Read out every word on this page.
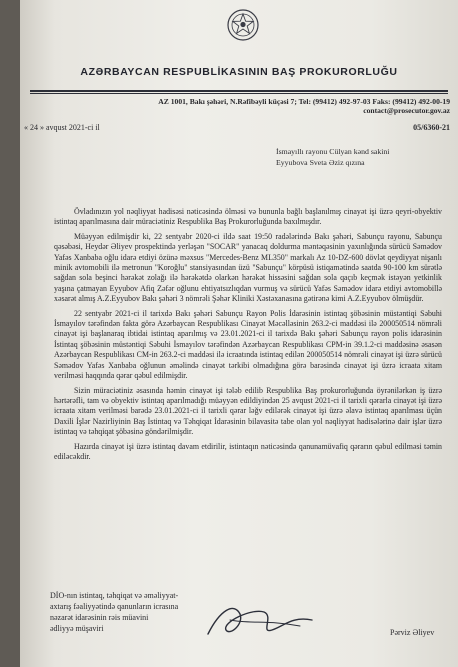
AZƏRBAYCAN RESPUBLİKASININ BAŞ PROKURORLUĞU
AZ 1001, Bakı şəhəri, N.Rəfibəyli küçəsi 7; Tel: (99412) 492-97-03 Faks: (99412) 492-00-19
contact@prosecutor.gov.az
« 24 » avqust 2021-ci il	05/6360-21
İsmayıllı rayonu Cülyan kənd sakini
Eyyubova Sveta Əziz qızına

Övladınızın yol nəqliyyat hadisəsi nəticəsində ölməsi və bununla bağlı başlanılmış cinayət işi üzrə qeyri-obyektiv istintaq aparılmasına dair müraciətiniz Respublika Baş Prokurorluğunda baxılmışdır.

Müəyyən edilmişdir ki, 22 sentyabr 2020-ci ildə saat 19:50 radələrində Bakı şəhəri, Sabunçu rayonu, Sabunçu qəsəbəsi, Heydər Əliyev prospektində yerləşən "SOCAR" yanacaq doldurma məntəqəsinin yaxınlığında sürücü Səmədov Yafəs Xanbaba oğlu idarə etdiyi özünə məxsus "Mercedes-Benz ML350" markalı Az 10-DZ-600 dövlət qeydiyyat nişanlı minik avtomobili ilə metronun "Koroğlu" stansiyasından üzü "Sabunçu" körpüsü istiqamətində saatda 90-100 km sürətlə sağdan sola beşinci hərəkət zolağı ilə hərəkətdə olarkən hərəkət hissəsini sağdan sola qaçıb keçmək istəyən yetkinlik yaşına çatmayan Eyyubov Afiq Zəfər oğlunu ehtiyatsızlıqdan vurmuş və sürücü Yafəs Səmədov idarə etdiyi avtomobillə xəsarət almış A.Z.Eyyubov Bakı şəhəri 3 nömrəli Şəhər Kliniki Xəstəxanasına gətirənə kimi A.Z.Eyyubov ölmüşdür.

22 sentyabr 2021-ci il tarixdə Bakı şəhəri Sabunçu Rayon Polis İdarəsinin istintaq şöbəsinin müstəntiqi Səbuhi İsmayılov tərəfindən fakta görə Azərbaycan Respublikası Cinayət Məcəlləsinin 263.2-ci maddəsi ilə 200050514 nömrəli cinayət işi başlanaraq ibtidai istintaq aparılmış və 23.01.2021-ci il tarixdə Bakı şəhəri Sabunçu rayon polis idarəsinin İstintaq şöbəsinin müstəntiqi Səbuhi İsmayılov tərəfindən Azərbaycan Respublikası CPM-in 39.1.2-ci maddəsinə əsasən Azərbaycan Respublikası CM-in 263.2-ci maddəsi ilə icraatında istintaq edilən 200050514 nömrəli cinayət işi üzrə sürücü Səmədov Yafəs Xanbaba oğlunun əməlində cinayət tərkibi olmadığına görə barəsində cinayət işi üzrə icraata xitam verilməsi haqqında qərar qəbul edilmişdir.

Sizin müraciətiniz əsasında həmin cinayət işi tələb edilib Respublika Baş prokurorluğunda öyrənilərkən iş üzrə hərtərəfli, tam və obyektiv istintaq aparılmadığı müəyyən edildiyindən 25 avqust 2021-ci il tarixli qərarla cinayət işi üzrə icraata xitam verilməsi barədə 23.01.2021-ci il tarixli qərar ləğv edilərək cinayət işi üzrə əlavə istintaq aparılması üçün Daxili İşlər Nazirliyinin Baş İstintaq və Təhqiqat İdarəsinin bilavasitə tabe olan yol nəqliyyat hadisələrinə dair işlər üzrə istintaq və təhqiqat şöbəsinə göndərilmişdir.

Hazırda cinayət işi üzrə istintaq davam etdirilir, istintaqın nəticəsində qanunamüvafiq qərarın qəbul edilməsi təmin ediləcəkdir.

DİO-nın istintaq, təhqiqat və əməliyyat-
axtarış fəaliyyətində qanunların icrasına
nəzarət idarəsinin rəis müavini
ədliyyə müşaviri	Pərviz Əliyev
